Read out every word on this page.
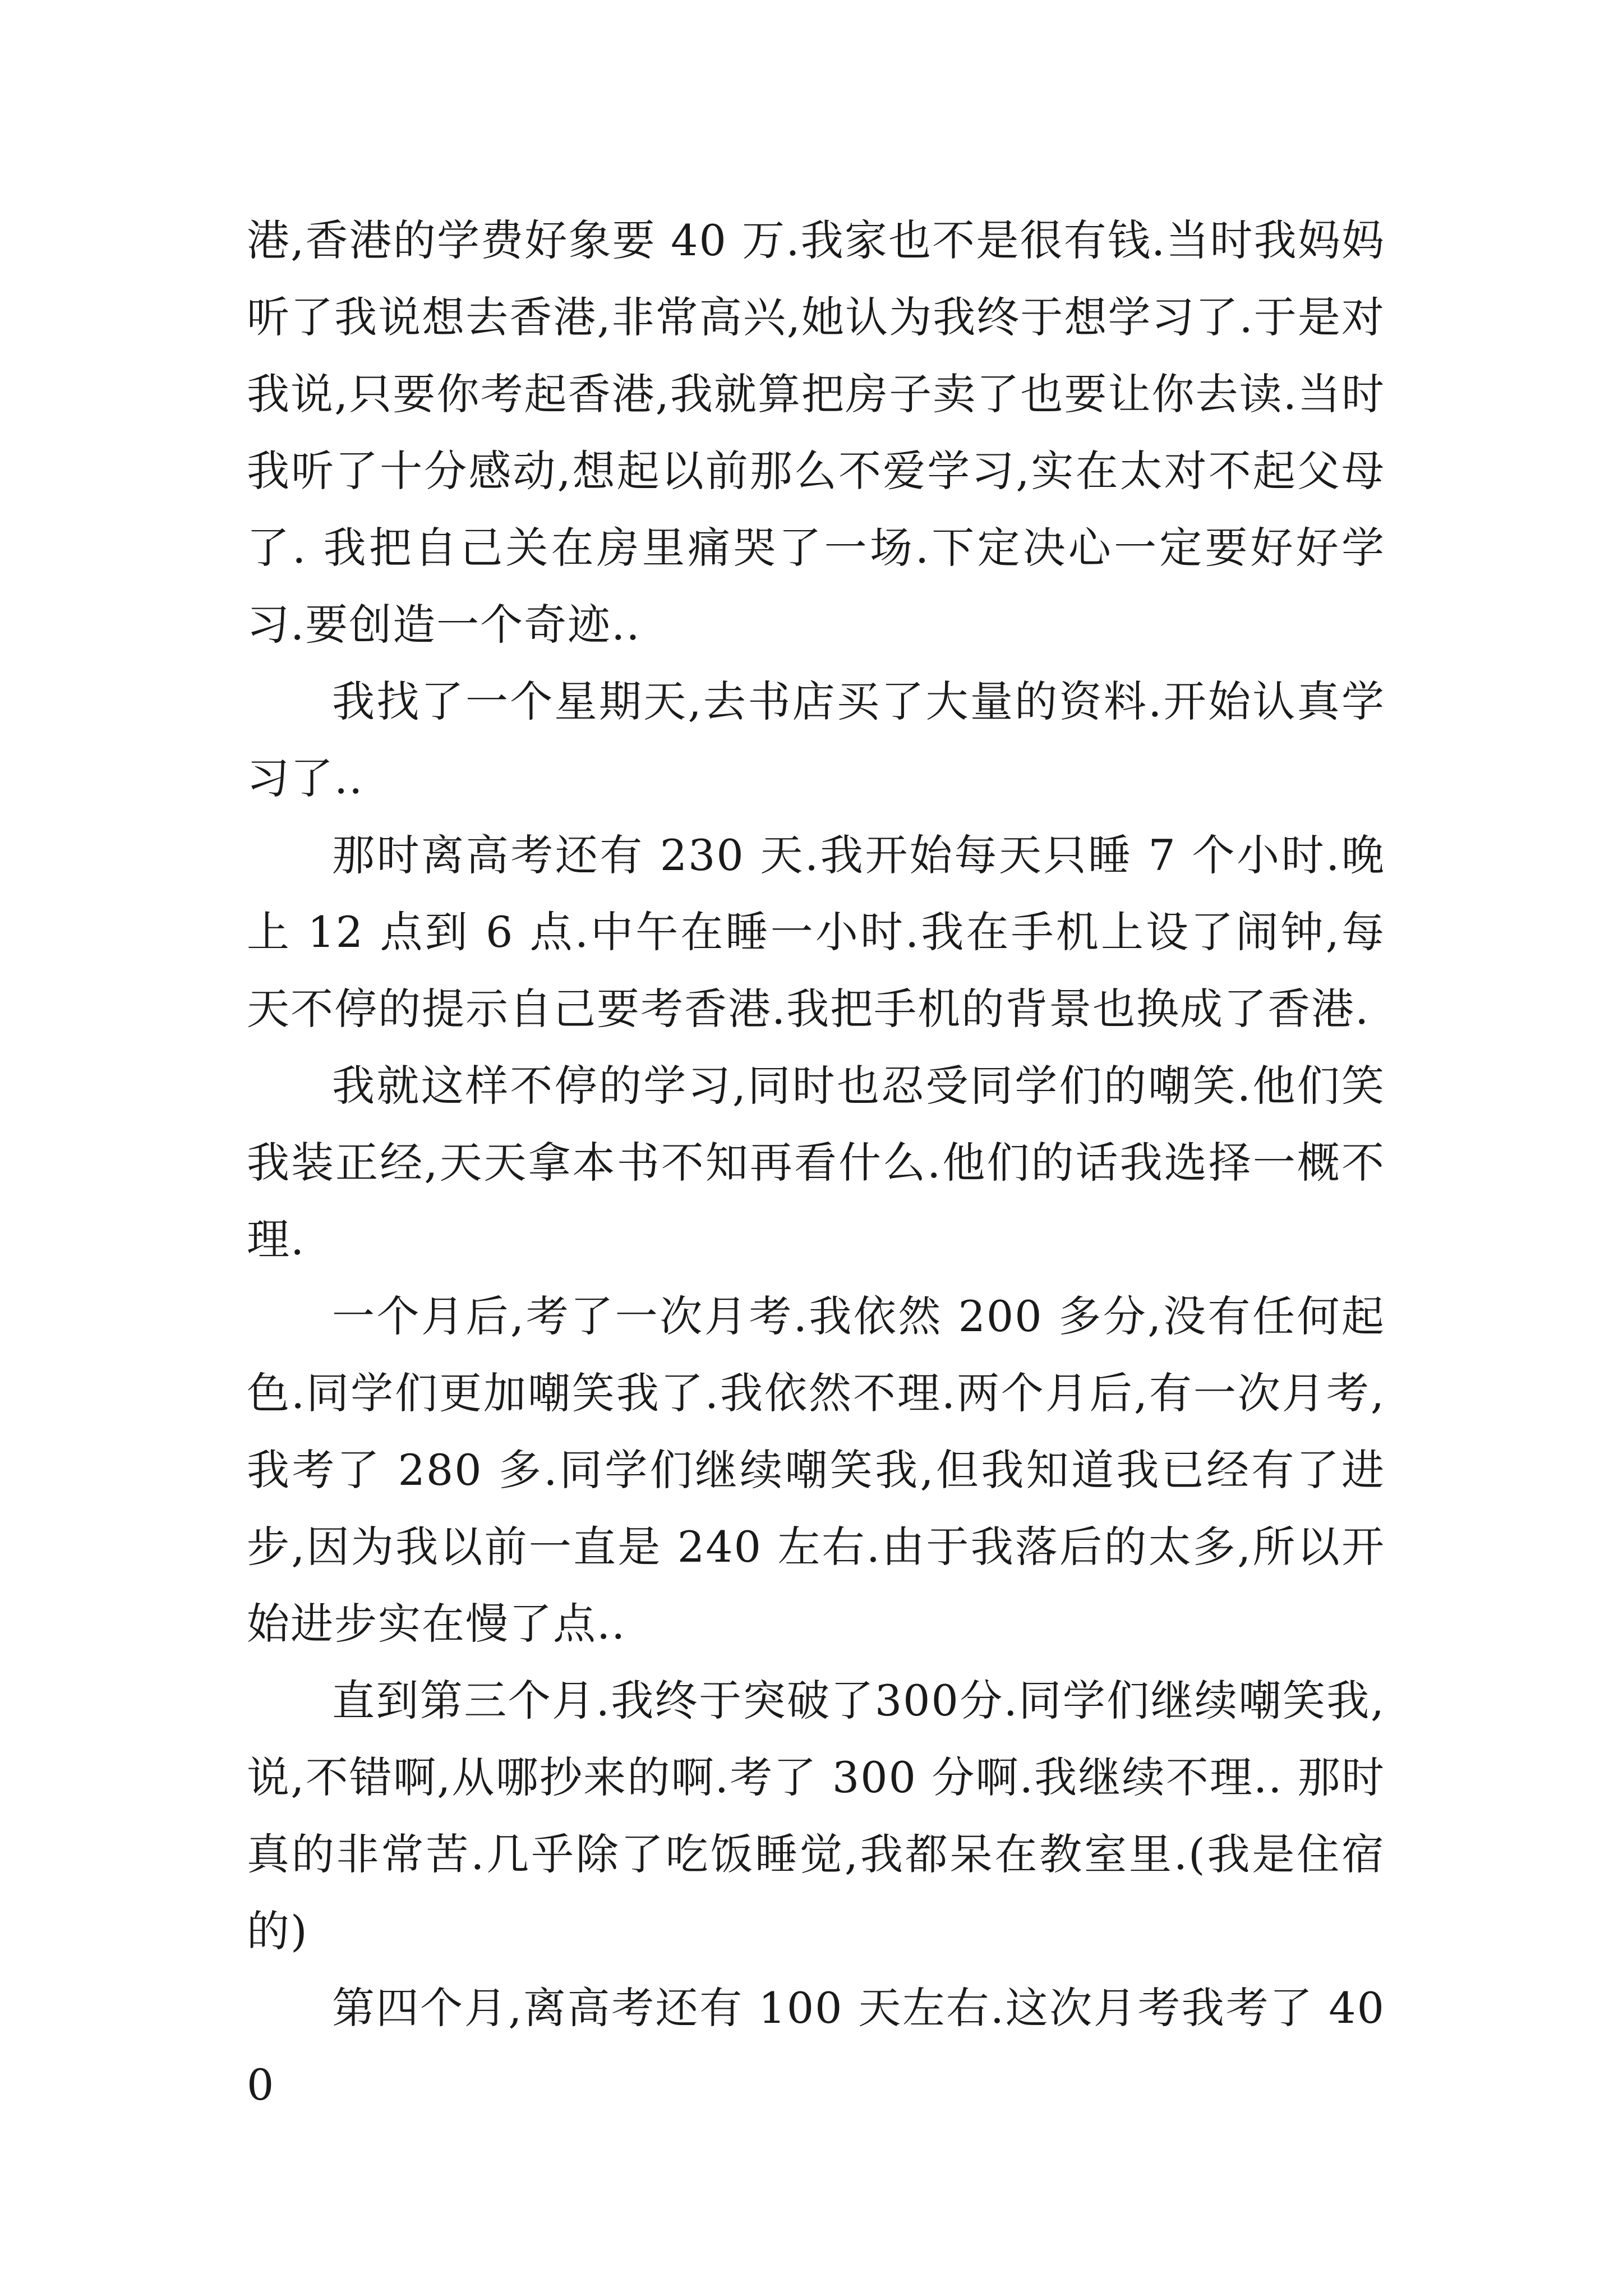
港,香港的学费好象要 40 万.我家也不是很有钱.当时我妈妈听了我说想去香港,非常高兴,她认为我终于想学习了.于是对我说,只要你考起香港,我就算把房子卖了也要让你去读.当时我听了十分感动,想起以前那么不爱学习,实在太对不起父母了. 我把自己关在房里痛哭了一场.下定决心一定要好好学习.要创造一个奇迹..

我找了一个星期天,去书店买了大量的资料.开始认真学习了..

那时离高考还有 230 天.我开始每天只睡 7 个小时.晚上 12 点到 6 点.中午在睡一小时.我在手机上设了闹钟,每天不停的提示自己要考香港.我把手机的背景也换成了香港.

我就这样不停的学习,同时也忍受同学们的嘲笑.他们笑我装正经,天天拿本书不知再看什么.他们的话我选择一概不理.

一个月后,考了一次月考.我依然 200 多分,没有任何起色.同学们更加嘲笑我了.我依然不理.两个月后,有一次月考,我考了 280 多.同学们继续嘲笑我,但我知道我已经有了进步,因为我以前一直是 240 左右.由于我落后的太多,所以开始进步实在慢了点..

直到第三个月.我终于突破了300分.同学们继续嘲笑我,说,不错啊,从哪抄来的啊.考了 300 分啊.我继续不理.. 那时真的非常苦.几乎除了吃饭睡觉,我都呆在教室里.(我是住宿的)

第四个月,离高考还有 100 天左右.这次月考我考了 400
